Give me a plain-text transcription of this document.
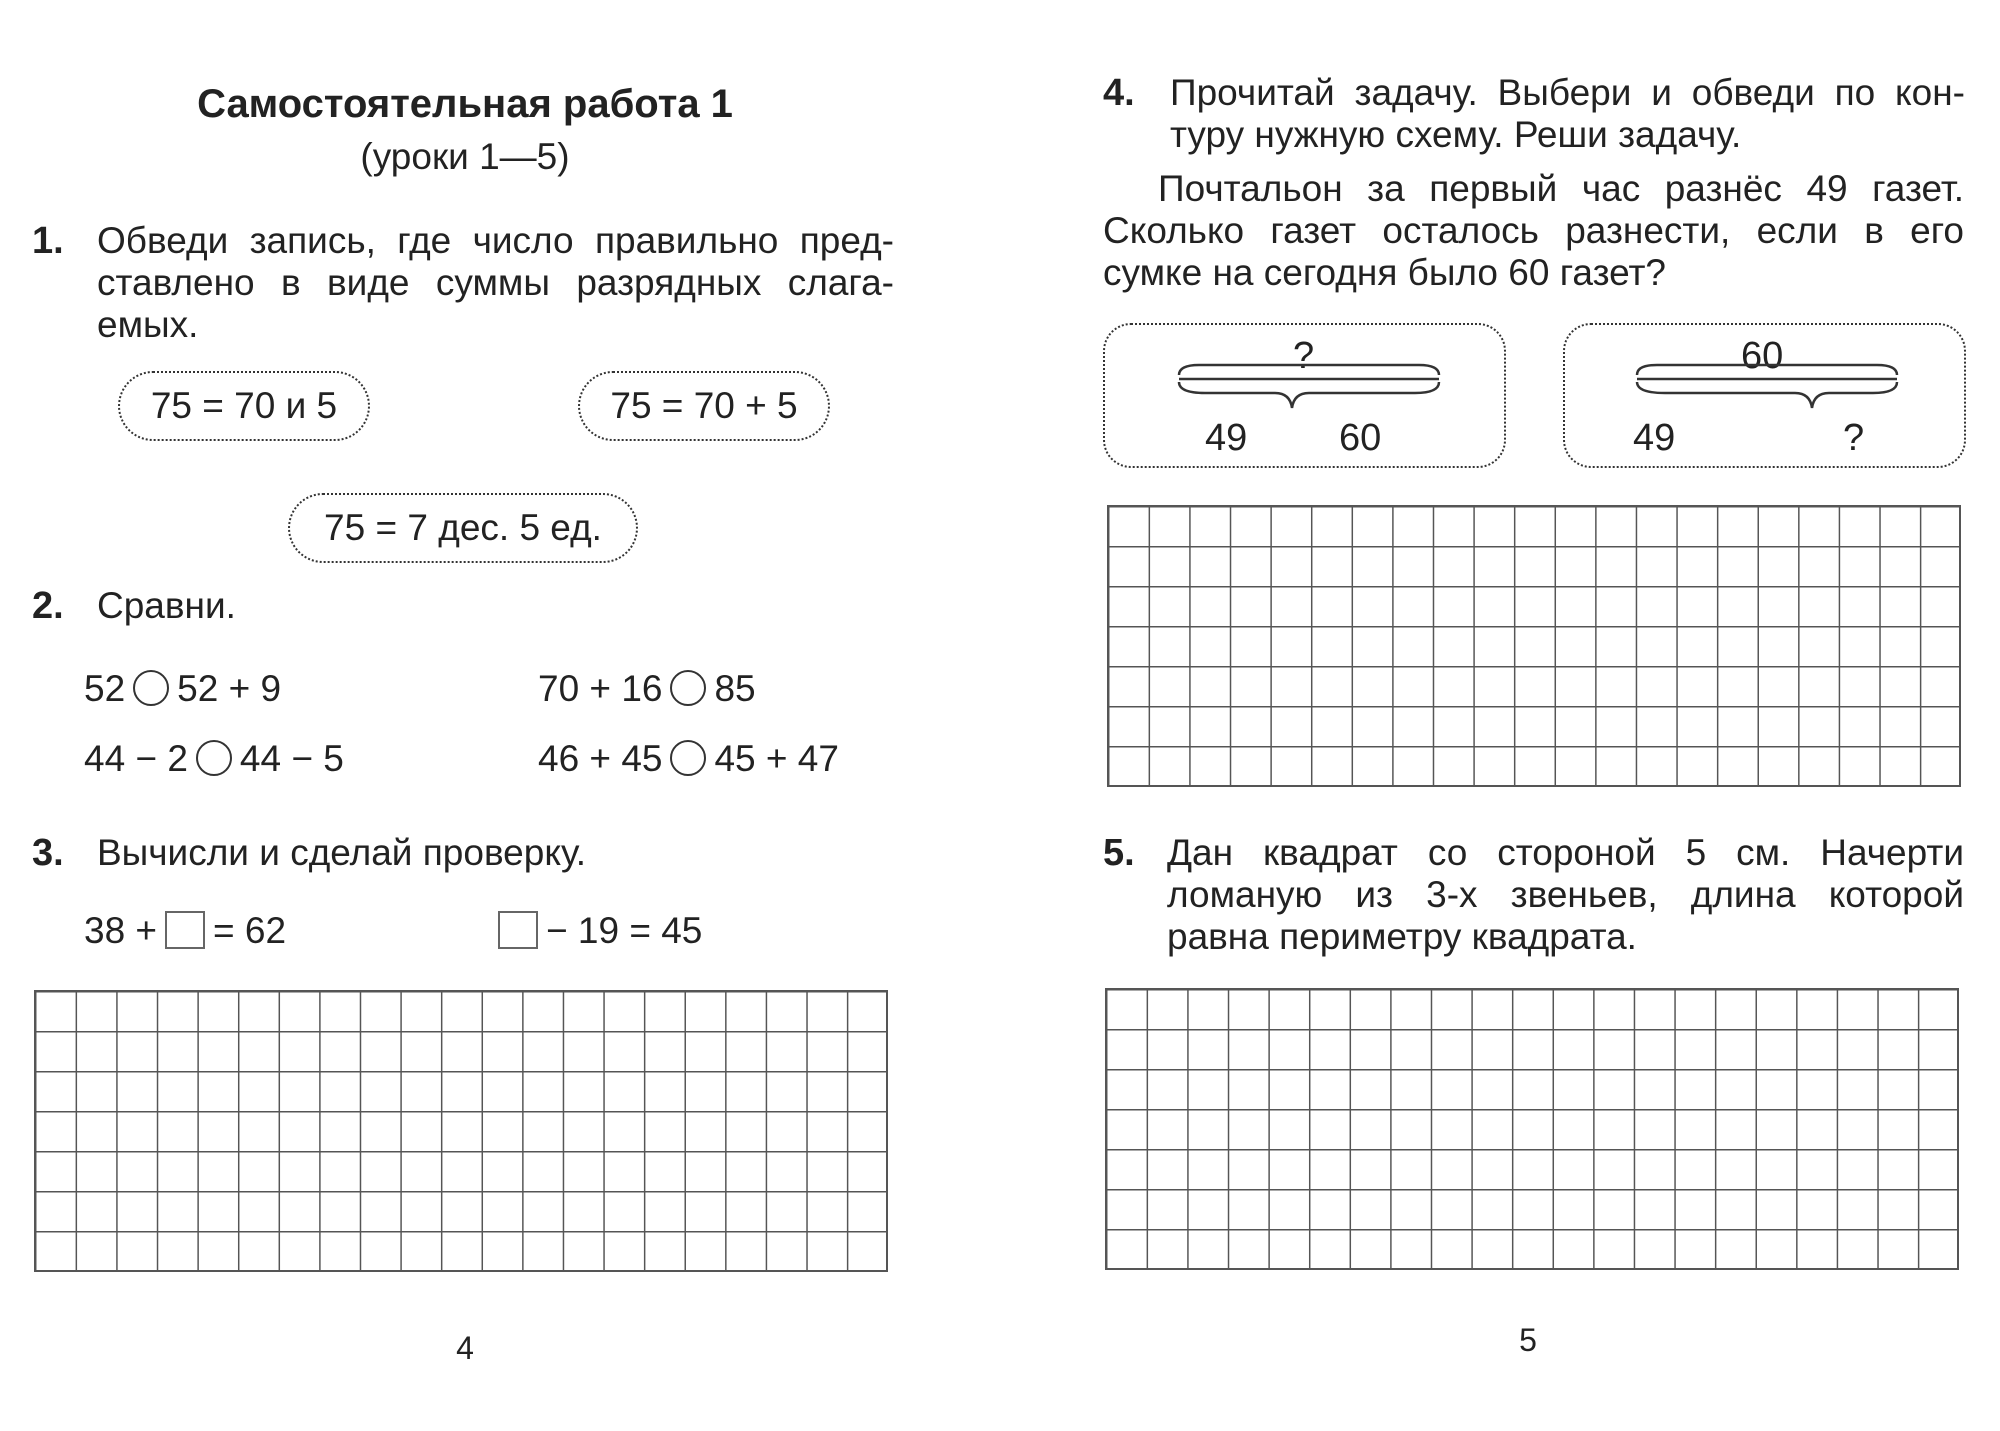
Самостоятельная работа 1
(уроки 1—5)
1. Обведи запись, где число правильно пред-
ставлено в виде суммы разрядных слага-
емых.
75 = 70 и 5	75 = 70 + 5
75 = 7 дес. 5 ед.
2. Сравни.
52 52 + 9	70 + 16 85
44 − 2 44 − 5	46 + 45 45 + 47
3. Вычисли и сделай проверку.
38 + = 62	− 19 = 45
4
4. Прочитай задачу. Выбери и обведи по кон-
туру нужную схему. Реши задачу.
Почтальон за первый час разнёс 49 газет.
Сколько газет осталось разнести, если в его
сумке на сегодня было 60 газет?
?
49 60
60
49	?
5. Дан квадрат со стороной 5 см. Начерти
ломаную из 3-х звеньев, длина которой
равна периметру квадрата.
5
